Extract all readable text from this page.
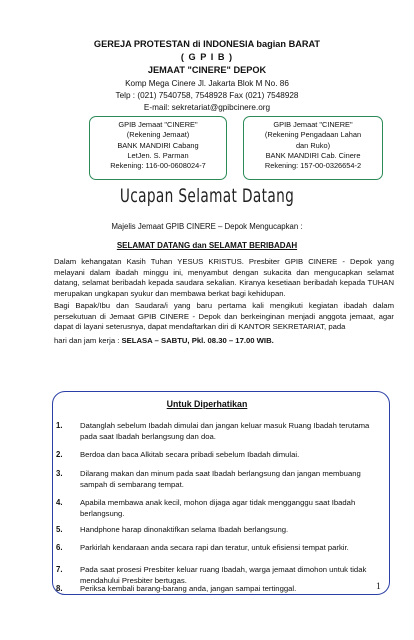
GEREJA PROTESTAN di INDONESIA bagian BARAT
( G P I B )
JEMAAT "CINERE" DEPOK
Komp Mega Cinere Jl. Jakarta Blok M No. 86
Telp : (021) 7540758, 7548928 Fax (021) 7548928
E-mail: sekretariat@gpibcinere.org
GPIB Jemaat "CINERE"
(Rekening Jemaat)
BANK MANDIRI Cabang
LetJen. S. Parman
Rekening: 116-00-0608024-7
GPIB Jemaat "CINERE"
(Rekening Pengadaan Lahan
dan Ruko)
BANK MANDIRI Cab. Cinere
Rekening: 157-00-0326654-2
Ucapan Selamat Datang
Majelis Jemaat GPIB CINERE – Depok Mengucapkan :
SELAMAT DATANG dan SELAMAT BERIBADAH
Dalam kehangatan Kasih Tuhan YESUS KRISTUS. Presbiter GPIB CINERE - Depok yang melayani dalam ibadah minggu ini, menyambut dengan sukacita dan mengucapkan selamat datang, selamat beribadah kepada saudara sekalian. Kiranya kesetiaan beribadah kepada TUHAN merupakan ungkapan syukur dan membawa berkat bagi kehidupan.
Bagi Bapak/Ibu dan Saudara/i yang baru pertama kali mengikuti kegiatan ibadah dalam persekutuan di Jemaat GPIB CINERE - Depok dan berkeinginan menjadi anggota jemaat, agar dapat di layani seterusnya, dapat mendaftarkan diri di KANTOR SEKRETARIAT, pada
hari dan jam kerja : SELASA – SABTU, Pkl. 08.30 – 17.00 WIB.
Untuk Diperhatikan
1. Datanglah sebelum Ibadah dimulai dan jangan keluar masuk Ruang Ibadah terutama pada saat Ibadah berlangsung dan doa.
2. Berdoa dan baca Alkitab secara pribadi sebelum Ibadah dimulai.
3. Dilarang makan dan minum pada saat Ibadah berlangsung dan jangan membuang sampah di sembarang tempat.
4. Apabila membawa anak kecil, mohon dijaga agar tidak mengganggu saat Ibadah berlangsung.
5. Handphone harap dinonaktifkan selama Ibadah berlangsung.
6. Parkirlah kendaraan anda secara rapi dan teratur, untuk efisiensi tempat parkir.
7. Pada saat prosesi Presbiter keluar ruang Ibadah, warga jemaat dimohon untuk tidak mendahului Presbiter bertugas.
8. Periksa kembali barang-barang anda, jangan sampai tertinggal.	1
